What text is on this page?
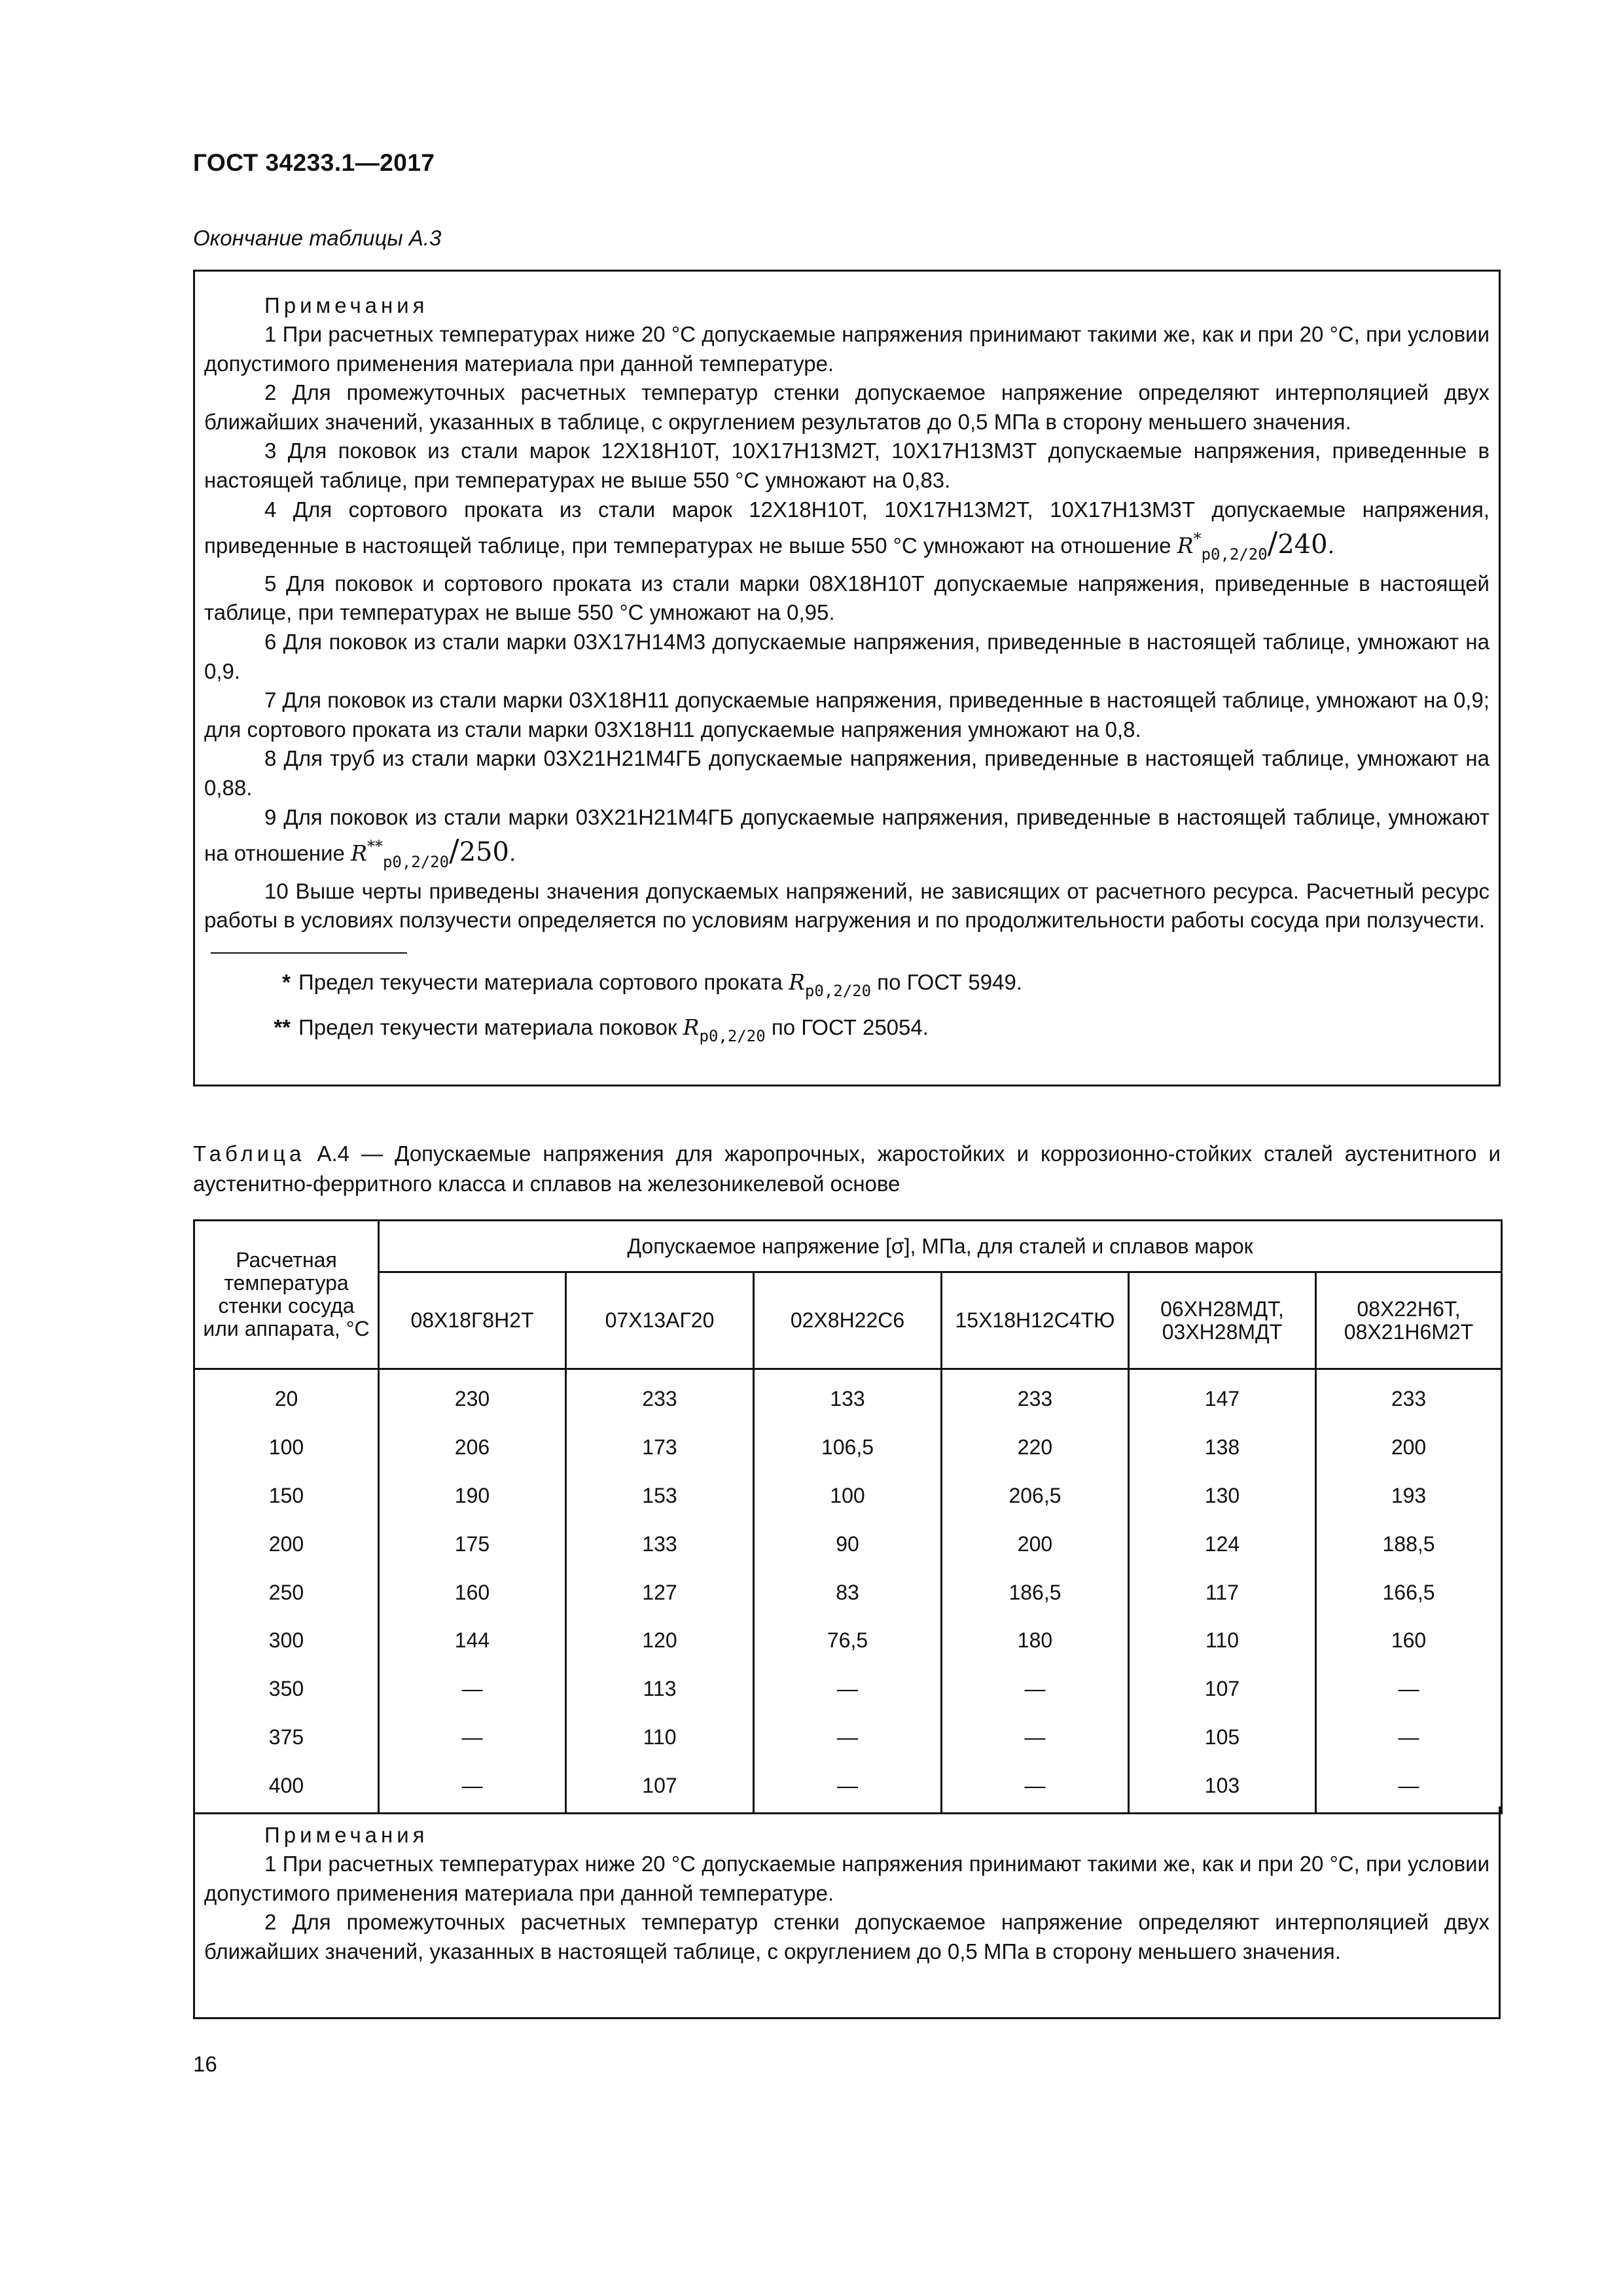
ГОСТ 34233.1—2017
Окончание таблицы А.3
Примечания

1 При расчетных температурах ниже 20 °С допускаемые напряжения принимают такими же, как и при 20 °С, при условии допустимого применения материала при данной температуре.

2 Для промежуточных расчетных температур стенки допускаемое напряжение определяют интерполяцией двух ближайших значений, указанных в таблице, с округлением результатов до 0,5 МПа в сторону меньшего значения.

3 Для поковок из стали марок 12Х18Н10Т, 10Х17Н13М2Т, 10Х17Н13М3Т допускаемые напряжения, приведенные в настоящей таблице, при температурах не выше 550 °С умножают на 0,83.

4 Для сортового проката из стали марок 12Х18Н10Т, 10Х17Н13М2Т, 10Х17Н13М3Т допускаемые напряжения, приведенные в настоящей таблице, при температурах не выше 550 °С умножают на отношение $R^*_{p0,2/20}/240$.

5 Для поковок и сортового проката из стали марки 08Х18Н10Т допускаемые напряжения, приведенные в настоящей таблице, при температурах не выше 550 °С умножают на 0,95.

6 Для поковок из стали марки 03Х17Н14М3 допускаемые напряжения, приведенные в настоящей таблице, умножают на 0,9.

7 Для поковок из стали марки 03Х18Н11 допускаемые напряжения, приведенные в настоящей таблице, умножают на 0,9; для сортового проката из стали марки 03Х18Н11 допускаемые напряжения умножают на 0,8.

8 Для труб из стали марки 03Х21Н21М4ГБ допускаемые напряжения, приведенные в настоящей таблице, умножают на 0,88.

9 Для поковок из стали марки 03Х21Н21М4ГБ допускаемые напряжения, приведенные в настоящей таблице, умножают на отношение $R^{**}_{p0,2/20}/250$.

10 Выше черты приведены значения допускаемых напряжений, не зависящих от расчетного ресурса. Расчетный ресурс работы в условиях ползучести определяется по условиям нагружения и по продолжительности работы сосуда при ползучести.

* Предел текучести материала сортового проката $R_{p0,2/20}$ по ГОСТ 5949.

** Предел текучести материала поковок $R_{p0,2/20}$ по ГОСТ 25054.

Таблица А.4 — Допускаемые напряжения для жаропрочных, жаростойких и коррозионно-стойких сталей аустенитного и аустенитно-ферритного класса и сплавов на железоникелевой основе
Расчетная температура стенки сосуда или аппарата, °С	Допускаемое напряжение [σ], МПа, для сталей и сплавов марок					
	08Х18Г8Н2Т	07Х13АГ20	02Х8Н22С6	15Х18Н12С4ТЮ	06ХН28МДТ, 03ХН28МДТ	08Х22Н6Т, 08Х21Н6М2Т
20	230	233	133	233	147	233
100	206	173	106,5	220	138	200
150	190	153	100	206,5	130	193
200	175	133	90	200	124	188,5
250	160	127	83	186,5	117	166,5
300	144	120	76,5	180	110	160
350	—	113	—	—	107	—
375	—	110	—	—	105	—
400	—	107	—	—	103	—
Примечания

1 При расчетных температурах ниже 20 °С допускаемые напряжения принимают такими же, как и при 20 °С, при условии допустимого применения материала при данной температуре.

2 Для промежуточных расчетных температур стенки допускаемое напряжение определяют интерполяцией двух ближайших значений, указанных в настоящей таблице, с округлением до 0,5 МПа в сторону меньшего значения.

16
